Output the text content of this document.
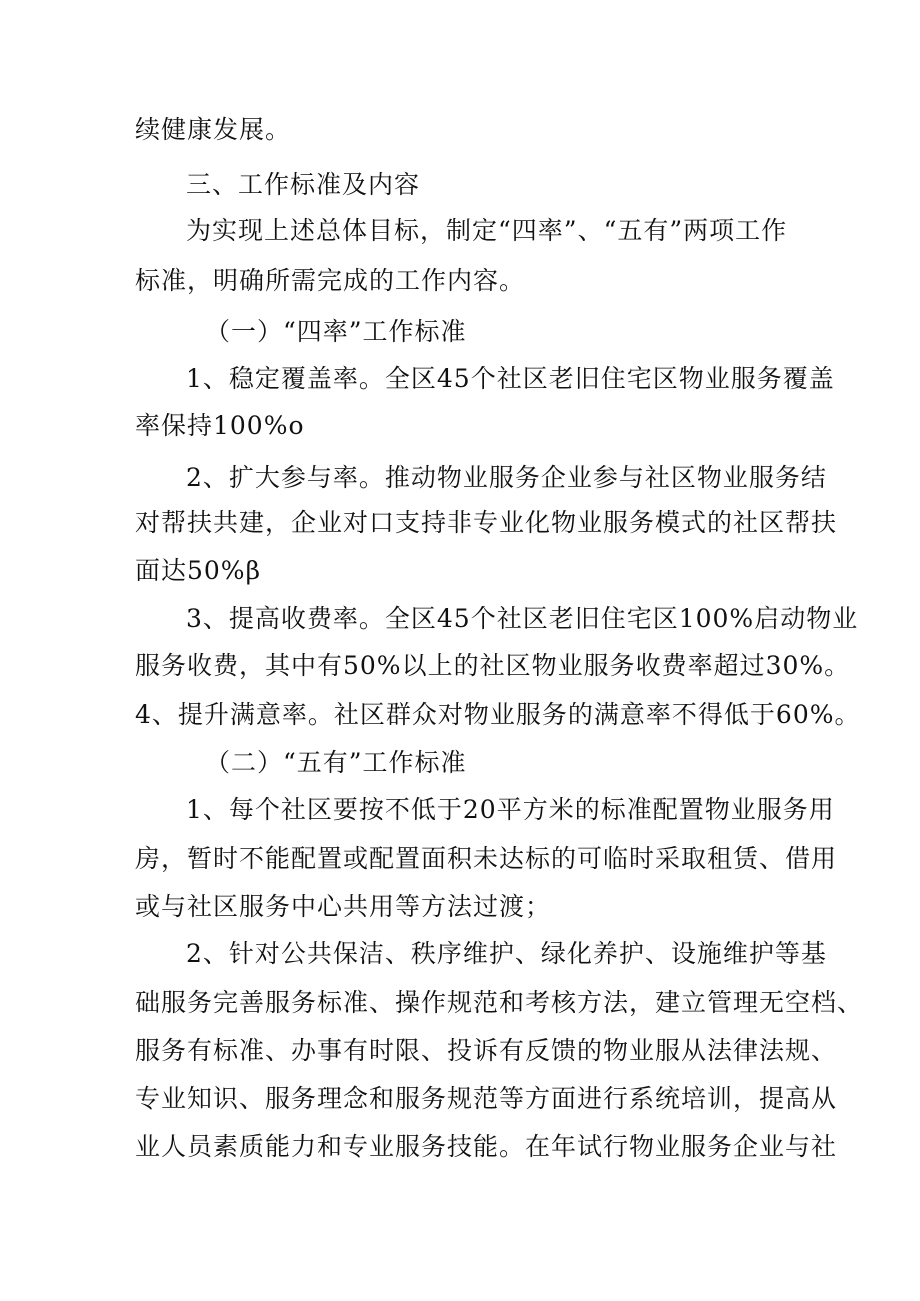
续健康发展。
三、工作标准及内容
为实现上述总体目标，制定“四率”、“五有”两项工作
标准，明确所需完成的工作内容。
（一）“四率”工作标准
1、稳定覆盖率。全区45个社区老旧住宅区物业服务覆盖
率保持100%o
2、扩大参与率。推动物业服务企业参与社区物业服务结
对帮扶共建，企业对口支持非专业化物业服务模式的社区帮扶
面达50%β
3、提高收费率。全区45个社区老旧住宅区100%启动物业
服务收费，其中有50%以上的社区物业服务收费率超过30%。
4、提升满意率。社区群众对物业服务的满意率不得低于60%。
（二）“五有”工作标准
1、每个社区要按不低于20平方米的标准配置物业服务用
房，暂时不能配置或配置面积未达标的可临时采取租赁、借用
或与社区服务中心共用等方法过渡；
2、针对公共保洁、秩序维护、绿化养护、设施维护等基
础服务完善服务标准、操作规范和考核方法，建立管理无空档、
服务有标准、办事有时限、投诉有反馈的物业服从法律法规、
专业知识、服务理念和服务规范等方面进行系统培训，提高从
业人员素质能力和专业服务技能。在年试行物业服务企业与社
